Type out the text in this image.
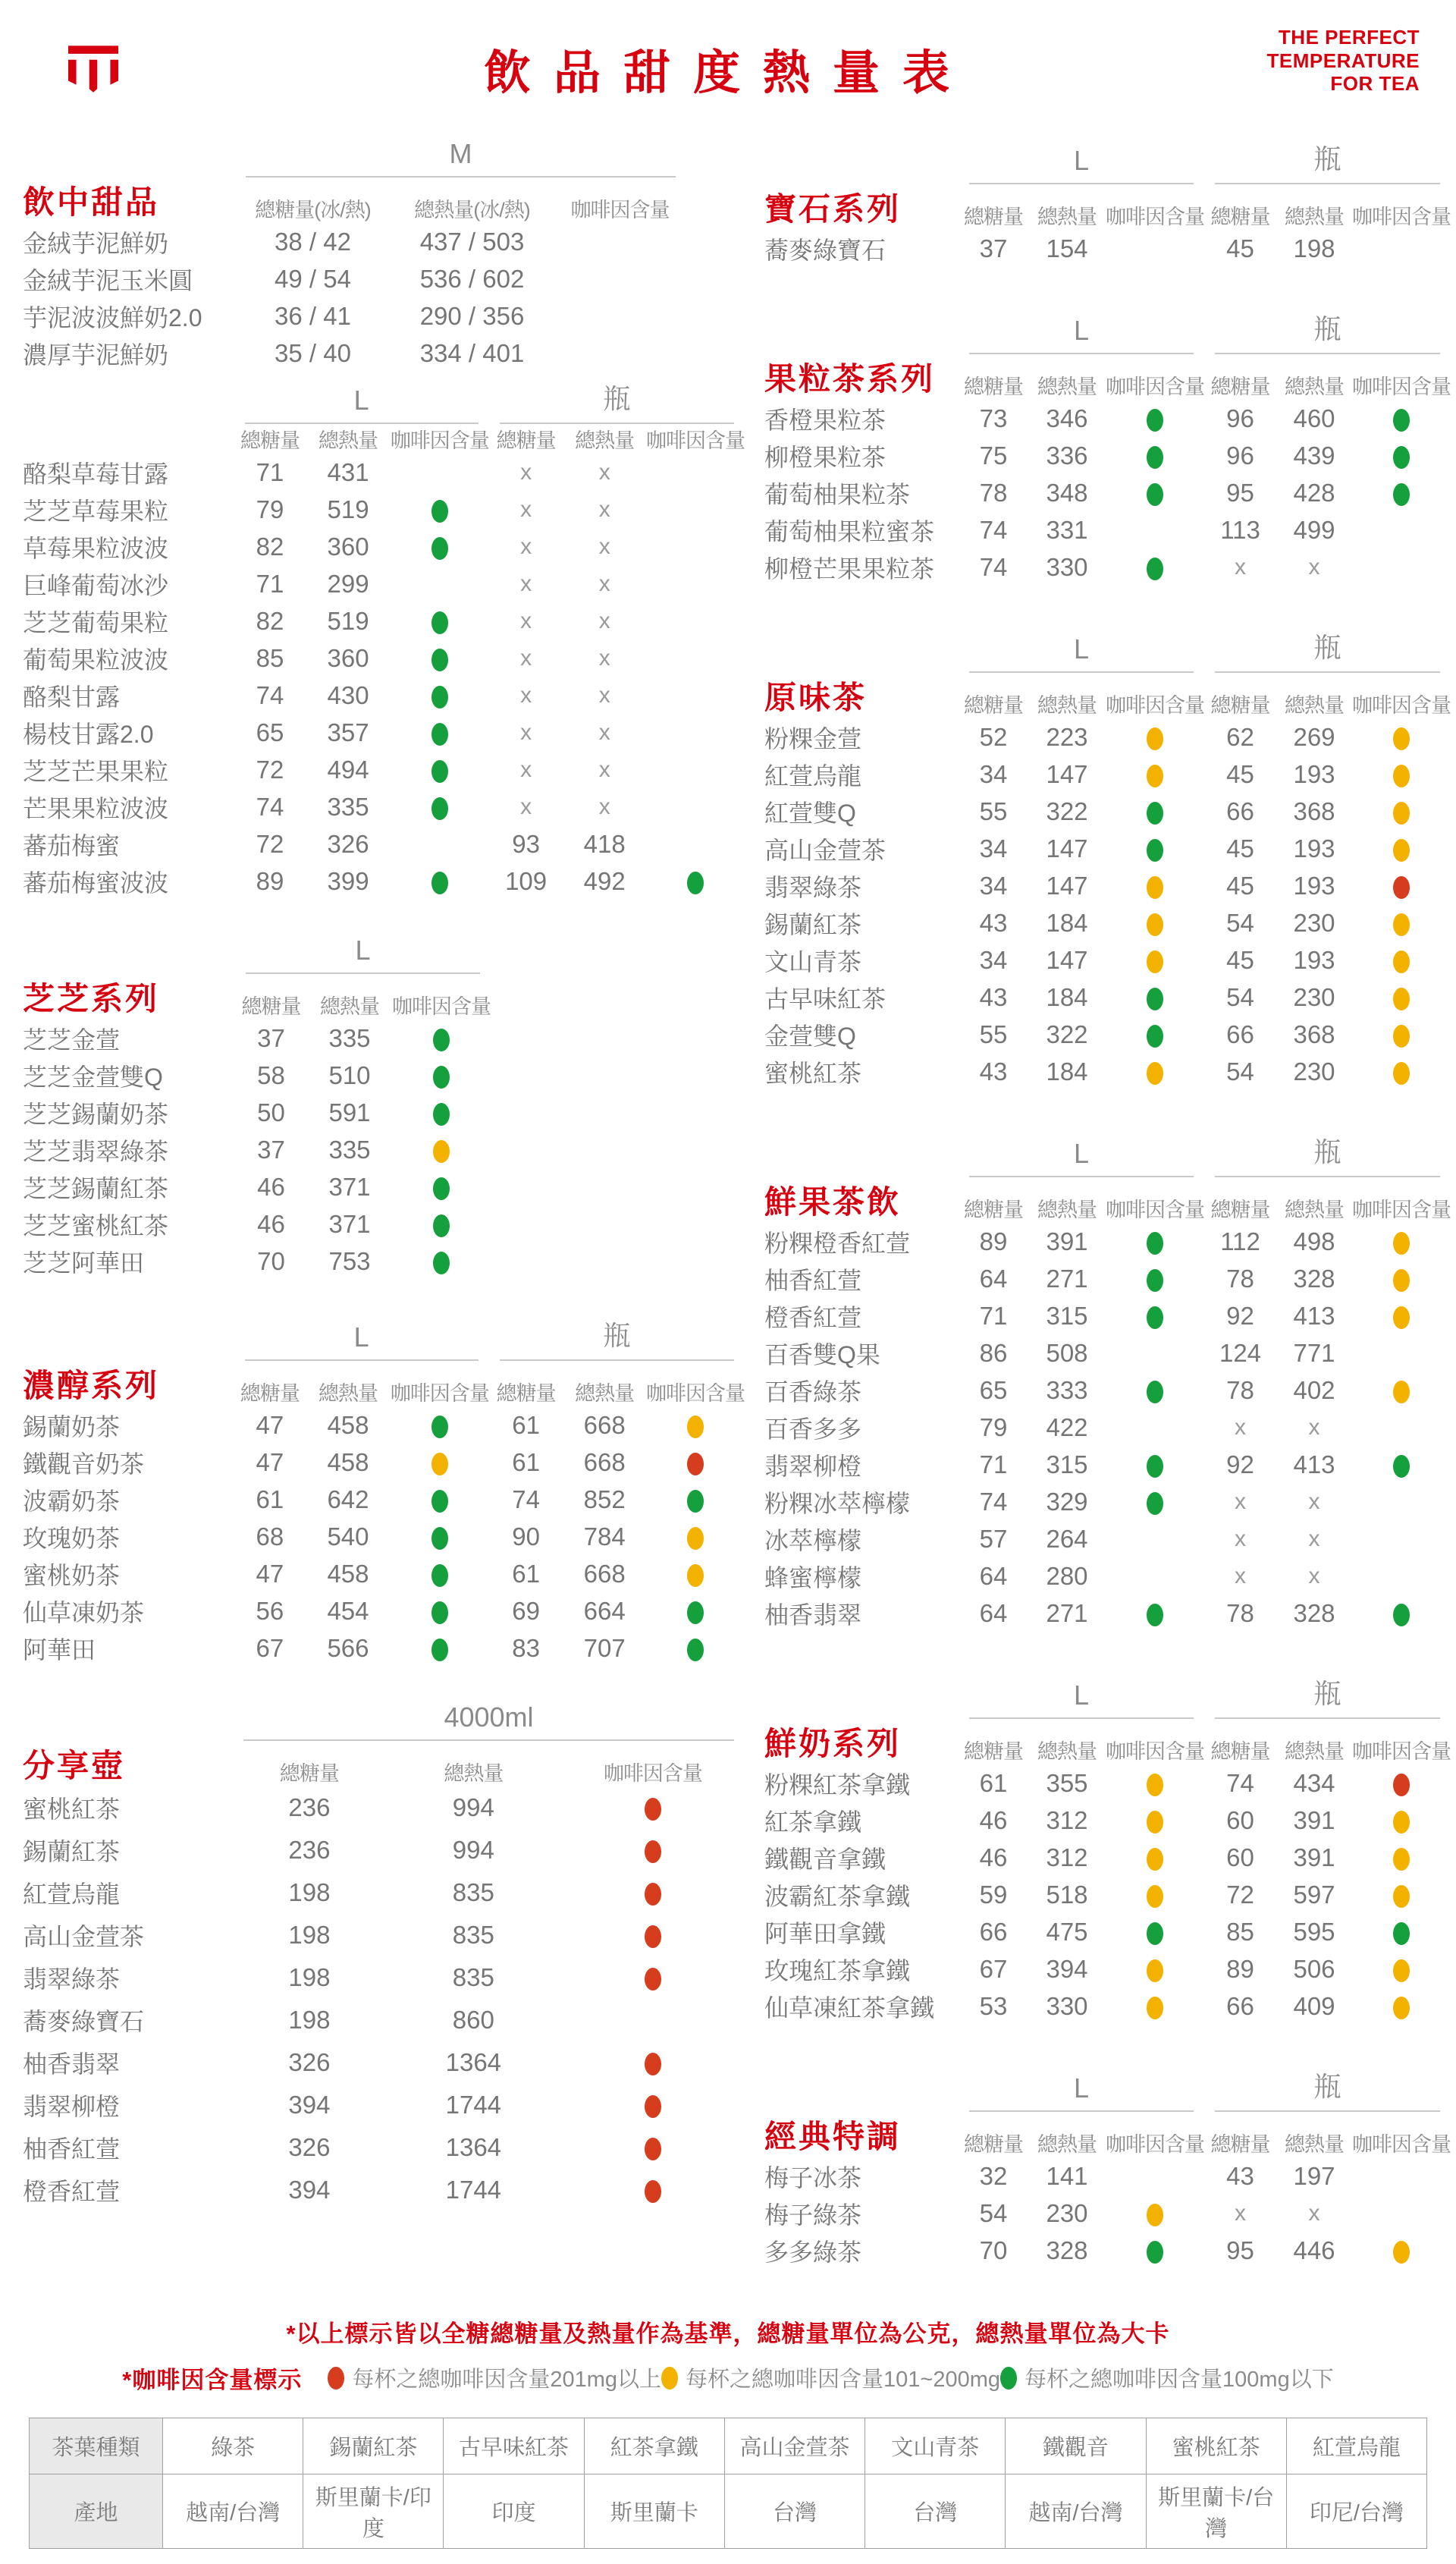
飲品甜度熱量表
THE PERFECT
TEMPERATURE
FOR TEA

	M		

飲中甜品	總糖量(冰/熱)	總熱量(冰/熱)	咖啡因含量
金絨芋泥鮮奶	38 / 42	437 / 503	
金絨芋泥玉米圓	49 / 54	536 / 602	
芋泥波波鮮奶2.0	36 / 41	290 / 356	
濃厚芋泥鮮奶	35 / 40	334 / 401	

	L			瓶		

	總糖量	總熱量	咖啡因含量	總糖量	總熱量	咖啡因含量
酪梨草莓甘露	71	431		x	x	
芝芝草莓果粒	79	519		x	x	
草莓果粒波波	82	360		x	x	
巨峰葡萄冰沙	71	299		x	x	
芝芝葡萄果粒	82	519		x	x	
葡萄果粒波波	85	360		x	x	
酪梨甘露	74	430		x	x	
楊枝甘露2.0	65	357		x	x	
芝芝芒果果粒	72	494		x	x	
芒果果粒波波	74	335		x	x	
蕃茄梅蜜	72	326		93	418	
蕃茄梅蜜波波	89	399		109	492	

	L		

芝芝系列	總糖量	總熱量	咖啡因含量
芝芝金萱	37	335	
芝芝金萱雙Q	58	510	
芝芝錫蘭奶茶	50	591	
芝芝翡翠綠茶	37	335	
芝芝錫蘭紅茶	46	371	
芝芝蜜桃紅茶	46	371	
芝芝阿華田	70	753	

	L			瓶		

濃醇系列	總糖量	總熱量	咖啡因含量	總糖量	總熱量	咖啡因含量
錫蘭奶茶	47	458		61	668	
鐵觀音奶茶	47	458		61	668	
波霸奶茶	61	642		74	852	
玫瑰奶茶	68	540		90	784	
蜜桃奶茶	47	458		61	668	
仙草凍奶茶	56	454		69	664	
阿華田	67	566		83	707	

	4000ml		

分享壺	總糖量	總熱量	咖啡因含量
蜜桃紅茶	236	994	
錫蘭紅茶	236	994	
紅萱烏龍	198	835	
高山金萱茶	198	835	
翡翠綠茶	198	835	
蕎麥綠寶石	198	860	
柚香翡翠	326	1364	
翡翠柳橙	394	1744	
柚香紅萱	326	1364	
橙香紅萱	394	1744	

	L			瓶		

寶石系列	總糖量	總熱量	咖啡因含量	總糖量	總熱量	咖啡因含量
蕎麥綠寶石	37	154		45	198	

	L			瓶		

果粒茶系列	總糖量	總熱量	咖啡因含量	總糖量	總熱量	咖啡因含量
香橙果粒茶	73	346		96	460	
柳橙果粒茶	75	336		96	439	
葡萄柚果粒茶	78	348		95	428	
葡萄柚果粒蜜茶	74	331		113	499	
柳橙芒果果粒茶	74	330		x	x	

	L			瓶		

原味茶	總糖量	總熱量	咖啡因含量	總糖量	總熱量	咖啡因含量
粉粿金萱	52	223		62	269	
紅萱烏龍	34	147		45	193	
紅萱雙Q	55	322		66	368	
高山金萱茶	34	147		45	193	
翡翠綠茶	34	147		45	193	
錫蘭紅茶	43	184		54	230	
文山青茶	34	147		45	193	
古早味紅茶	43	184		54	230	
金萱雙Q	55	322		66	368	
蜜桃紅茶	43	184		54	230	

	L			瓶		

鮮果茶飲	總糖量	總熱量	咖啡因含量	總糖量	總熱量	咖啡因含量
粉粿橙香紅萱	89	391		112	498	
柚香紅萱	64	271		78	328	
橙香紅萱	71	315		92	413	
百香雙Q果	86	508		124	771	
百香綠茶	65	333		78	402	
百香多多	79	422		x	x	
翡翠柳橙	71	315		92	413	
粉粿冰萃檸檬	74	329		x	x	
冰萃檸檬	57	264		x	x	
蜂蜜檸檬	64	280		x	x	
柚香翡翠	64	271		78	328	

	L			瓶		

鮮奶系列	總糖量	總熱量	咖啡因含量	總糖量	總熱量	咖啡因含量
粉粿紅茶拿鐵	61	355		74	434	
紅茶拿鐵	46	312		60	391	
鐵觀音拿鐵	46	312		60	391	
波霸紅茶拿鐵	59	518		72	597	
阿華田拿鐵	66	475		85	595	
玫瑰紅茶拿鐵	67	394		89	506	
仙草凍紅茶拿鐵	53	330		66	409	

	L			瓶		

經典特調	總糖量	總熱量	咖啡因含量	總糖量	總熱量	咖啡因含量
梅子冰茶	32	141		43	197	
梅子綠茶	54	230		x	x	
多多綠茶	70	328		95	446	

*以上標示皆以全糖總糖量及熱量作為基準，總糖量單位為公克，總熱量單位為大卡

*咖啡因含量標示 每杯之總咖啡因含量201mg以上 每杯之總咖啡因含量101~200mg 每杯之總咖啡因含量100mg以下
茶葉種類	綠茶	錫蘭紅茶	古早味紅茶	紅茶拿鐵	高山金萱茶	文山青茶	鐵觀音	蜜桃紅茶	紅萱烏龍
產地	越南/台灣	斯里蘭卡/印度	印度	斯里蘭卡	台灣	台灣	越南/台灣	斯里蘭卡/台灣	印尼/台灣
